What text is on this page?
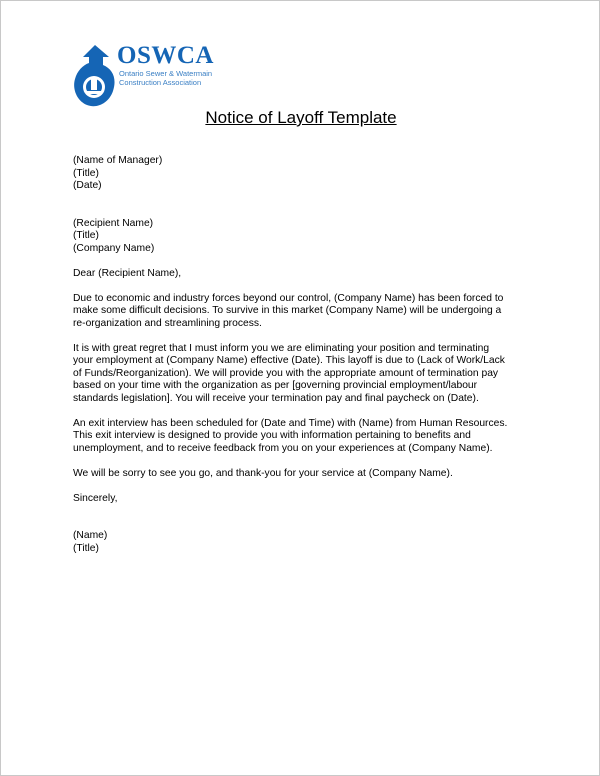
OSWCA
Ontario Sewer & Watermain
Construction Association
Notice of Layoff Template

(Name of Manager)
(Title)
(Date)

(Recipient Name)
(Title)
(Company Name)

Dear (Recipient Name),

Due to economic and industry forces beyond our control, (Company Name) has been forced to
make some difficult decisions. To survive in this market (Company Name) will be undergoing a
re-organization and streamlining process.

It is with great regret that I must inform you we are eliminating your position and terminating
your employment at (Company Name) effective (Date). This layoff is due to (Lack of Work/Lack
of Funds/Reorganization). We will provide you with the appropriate amount of termination pay
based on your time with the organization as per [governing provincial employment/labour
standards legislation]. You will receive your termination pay and final paycheck on (Date).

An exit interview has been scheduled for (Date and Time) with (Name) from Human Resources.
This exit interview is designed to provide you with information pertaining to benefits and
unemployment, and to receive feedback from you on your experiences at (Company Name).

We will be sorry to see you go, and thank-you for your service at (Company Name).

Sincerely,

(Name)
(Title)
